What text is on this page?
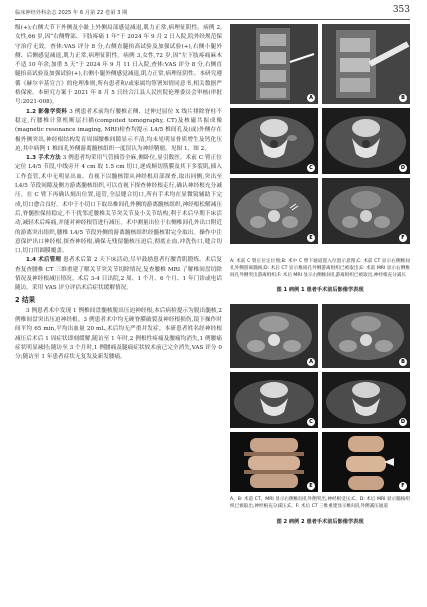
临床神经外科杂志 2025 年 6 月第 22 卷第 3 期	353

级(+);右侧大节下外侧及小趾上外侧局部感觉减退,肌力正常,病理征阴性。病例 2,女性,66 岁,因“右侧臀部、下肢疼痛 1 年”于 2024 年 9 月 2 日入院,院外经规范保守治疗无效。查体:VAS 评分 8 分,右侧直腿抬高试验及加强试验(+),右侧小腿外侧、后侧感觉减退,肌力正常,病理征阴性。病例 3,女性,72 岁,因“左下肢疼痛麻木不适 10 年余,加重 5 天”于 2024 年 9 月 11 日入院,查体:VAS 评分 8 分,右侧直腿抬高试验及加强试验(+),右侧小腿外侧感觉减退,肌力正常,病理征阴性。本研究遵循《赫尔辛基宣言》的伦理准则,所有患者和/或家属均签署知情同意书,相关数据严格保密。本研究方案于 2021 年 8 月 5 日经合江县人民医院伦理委员会审核(审批号:2021-008)。

1.2 影像学资料 3 例患者术前均行腰椎正侧、过伸过屈位 X 线片排除脊柱不稳定,行腰椎计算机断层扫描(computed tomography, CT)及核磁共振成像(magnetic resonance imaging, MRI)检查均提示 L4/5 椎间孔及(或)外侧存在极外侧突出,神经根结构发育周围腰椎间隙显示不清,均未见明显骨质增生及钙化压迫,其中病例 1 椎间孔外侧游离髓核组织一度误认为神经鞘瘤。见图 1、图 2。

1.3 手术方法 3 例患者均采用气管插管全麻,侧卧位,显引数医。术前 C 臂正位定位 L4/5 节段,中线旁开 4 cm 取 1.5 cm 切口,逐成顺切筋膜及其下多裂肌,插入工作套管,术中无明显出血。直视下以髓核钳从神经根肩部探查,取出同侧,突出至 L4/5 节段间隙及侧方游离髓核组织,可以直视下探查神经根走行,确认神经根充分减压。在 C 臂下再确认刻出位置,退管,全层缝合切口,所有手术均在显微镜辅助下完成,切口愈合良好。术中于小切口下取出椎间孔外侧的游离髓核组织,神经根松解减压后,脊髓腔保持稳定,不干扰邻近腰椎关节突关节及小关节结构,利于术后早期下床活动,减轻术后疼痛,并能对神经根管进行减压。术中测量出位于右侧椎间孔外出口附近的游离突出组织,腰椎 L4/5 节段外侧的游离髓核组织经髓核钳完全取出。操作中注意保护出口神经根,探查神经根,确保无残留髓核压迫后,彻底止血,冲洗伤口,缝合切口,切口用圆膜覆盖。

1.4 术后管理 患者术后第 2 天下床活动,尽早鼓励患者行腰背肌锻炼。术后复查复查腰椎 CT 三维重建了解关节突关节切除情况,复查腰椎 MRI 了解椎间盘切除情况及神经根减压情况。术后 3-4 日出院,2 周、1 个月、6 个月、1 年门诊或电话随访。采用 VAS 评分评估术后症状缓解情况。

2 结果

3 例患者术中发现 1 例椎间盘髓核脱出压迫神经根,本后病检提示为脱出髓核,2 例椎间盘突出压迫神经根。3 例患者术中均无硬脊膜破裂及神经根损伤,镜下操作时间平均 65 min,平均出血量 20 mL,术后均无严重并发症。本研患者姓名经神经根减压后术后 1 周症状即刻缓解,随访至 1 年时,2 例根性疼痛及腰痛均消失,1 例腰痛症状明显减轻;随访至 3 个月时,1 例腰痛及腿痛症状较术前已完全消失,VAS 评分 0 分;随访至 1 年患者症状无复发及新发腰痛。

A	B
C	D
E	F
A: 术前 C 臂正位定位图;B: 术中 C 臂下通道置入位置示意图;C: 术前 CT 显示右侧椎间孔外侧游离髓核;D: 术后 CT 显示椎间孔外侧游离组织已被取出;E: 术前 MRI 显示右侧椎间孔外侧突出游离组织;F: 术后 MRI 显示右侧椎间孔游离组织已被取出,神经根充分减压
图 1 病例 1 患者手术前后影像学表现
A	B
C	D
E	F
A、B: 术前 CT、MRI 显示右侧椎间孔外侧突出,神经根受压;C、D: 术后 MRI 显示髓核组织已被取出,神经根充分减压;E、F: 术后 CT 三维重建显示椎间孔外侧减压通道
图 2 病例 2 患者手术前后影像学表现
